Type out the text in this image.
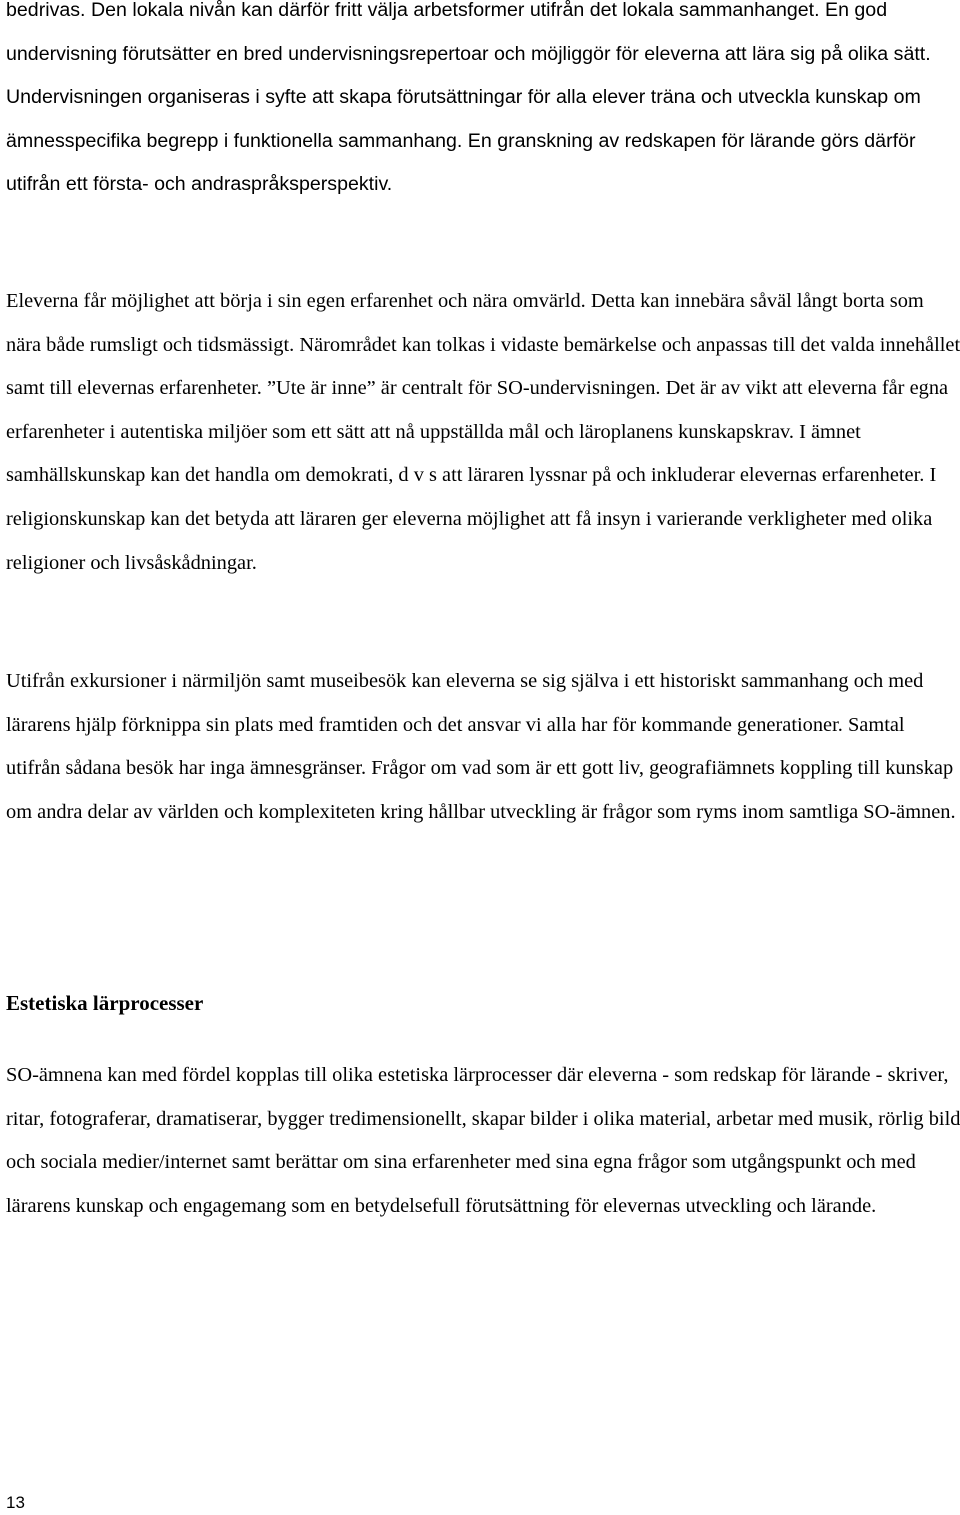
bedrivas. Den lokala nivån kan därför fritt välja arbetsformer utifrån det lokala sammanhanget. En god undervisning förutsätter en bred undervisningsrepertoar och möjliggör för eleverna att lära sig på olika sätt. Undervisningen organiseras i syfte att skapa förutsättningar för alla elever träna och utveckla kunskap om ämnesspecifika begrepp i funktionella sammanhang. En granskning av redskapen för lärande görs därför utifrån ett första- och andraspråksperspektiv.

Eleverna får möjlighet att börja i sin egen erfarenhet och nära omvärld. Detta kan innebära såväl långt borta som nära både rumsligt och tidsmässigt. Närområdet kan tolkas i vidaste bemärkelse och anpassas till det valda innehållet samt till elevernas erfarenheter. ”Ute är inne” är centralt för SO-undervisningen. Det är av vikt att eleverna får egna erfarenheter i autentiska miljöer som ett sätt att nå uppställda mål och läroplanens kunskapskrav. I ämnet samhällskunskap kan det handla om demokrati, d v s att läraren lyssnar på och inkluderar elevernas erfarenheter. I religionskunskap kan det betyda att läraren ger eleverna möjlighet att få insyn i varierande verkligheter med olika religioner och livsåskådningar.

Utifrån exkursioner i närmiljön samt museibesök kan eleverna se sig själva i ett historiskt sammanhang och med lärarens hjälp förknippa sin plats med framtiden och det ansvar vi alla har för kommande generationer. Samtal utifrån sådana besök har inga ämnesgränser. Frågor om vad som är ett gott liv, geografiämnets koppling till kunskap om andra delar av världen och komplexiteten kring hållbar utveckling är frågor som ryms inom samtliga SO-ämnen.

Estetiska lärprocesser

SO-ämnena kan med fördel kopplas till olika estetiska lärprocesser där eleverna - som redskap för lärande - skriver, ritar, fotograferar, dramatiserar, bygger tredimensionellt, skapar bilder i olika material, arbetar med musik, rörlig bild och sociala medier/internet samt berättar om sina erfarenheter med sina egna frågor som utgångspunkt och med lärarens kunskap och engagemang som en betydelsefull förutsättning för elevernas utveckling och lärande.

13
